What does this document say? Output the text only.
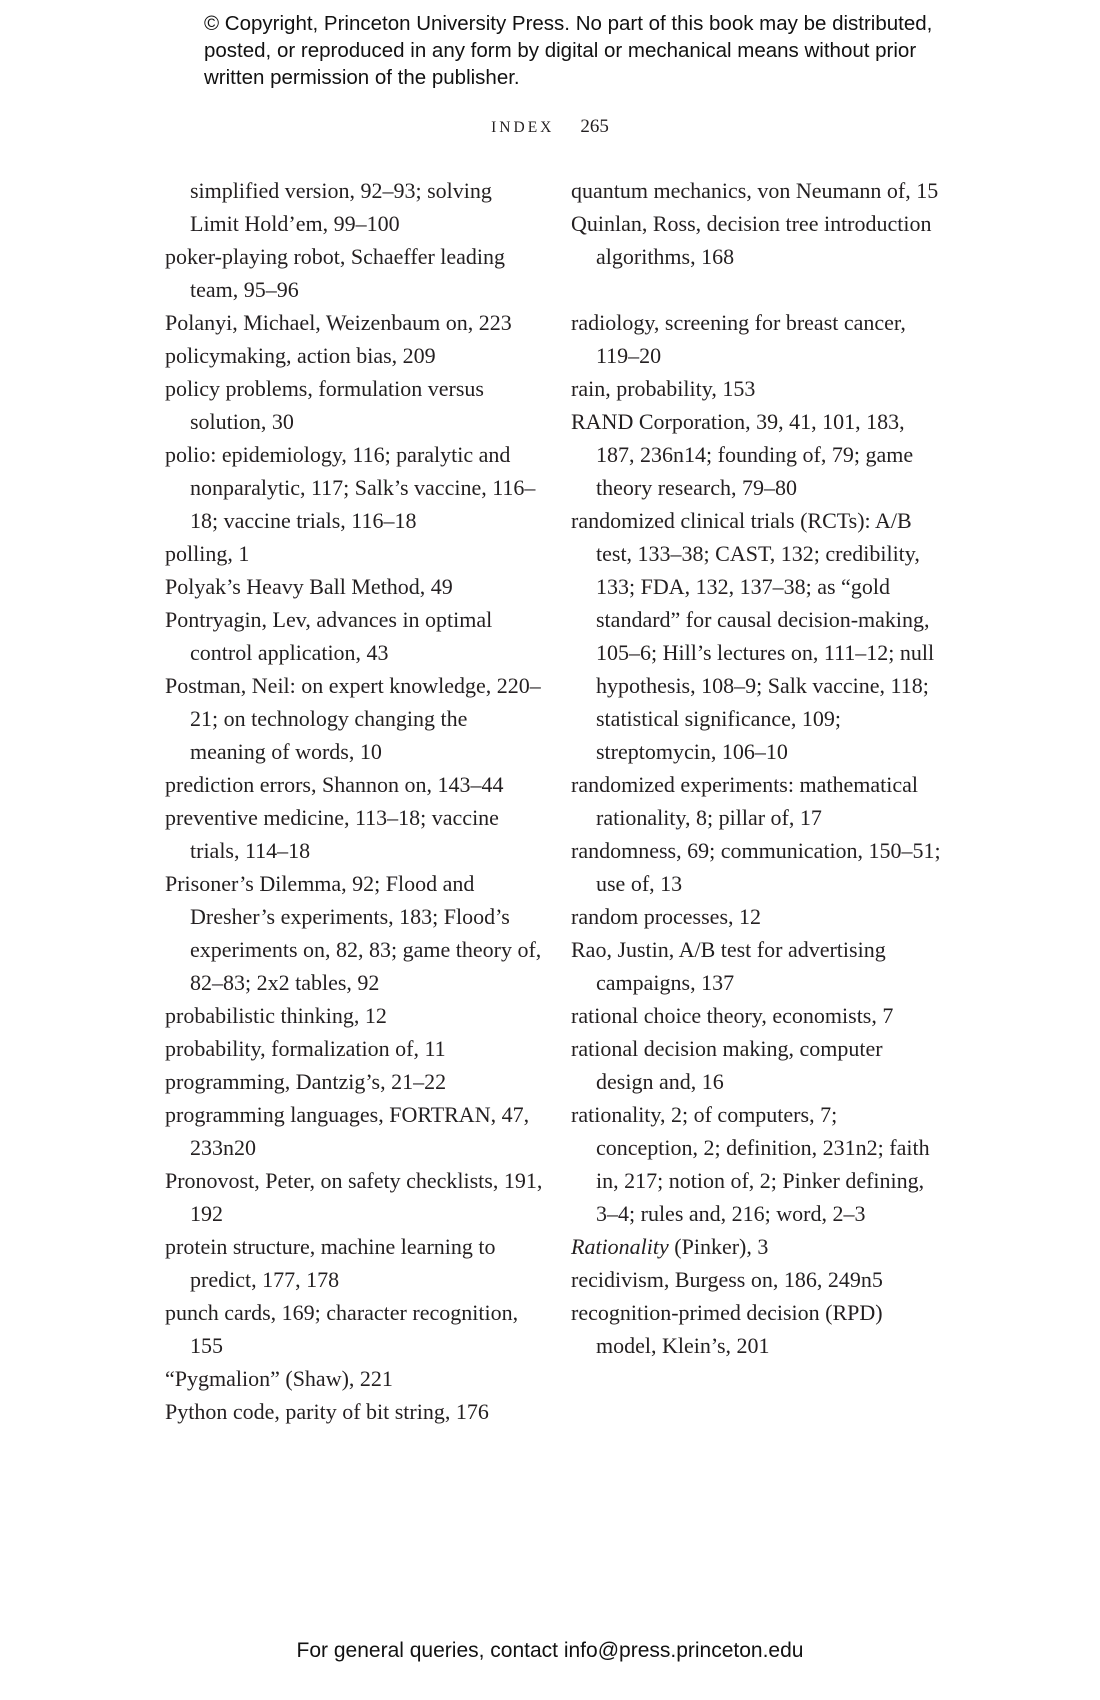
© Copyright, Princeton University Press. No part of this book may be distributed, posted, or reproduced in any form by digital or mechanical means without prior written permission of the publisher.
INDEX 265

simplified version, 92–93; solving Limit Hold’em, 99–100

poker-playing robot, Schaeffer leading team, 95–96

Polanyi, Michael, Weizenbaum on, 223

policymaking, action bias, 209

policy problems, formulation versus solution, 30

polio: epidemiology, 116; paralytic and nonparalytic, 117; Salk’s vaccine, 116–18; vaccine trials, 116–18

polling, 1

Polyak’s Heavy Ball Method, 49

Pontryagin, Lev, advances in optimal control application, 43

Postman, Neil: on expert knowledge, 220–21; on technology changing the meaning of words, 10

prediction errors, Shannon on, 143–44

preventive medicine, 113–18; vaccine trials, 114–18

Prisoner’s Dilemma, 92; Flood and Dresher’s experiments, 183; Flood’s experiments on, 82, 83; game theory of, 82–83; 2x2 tables, 92

probabilistic thinking, 12

probability, formalization of, 11

programming, Dantzig’s, 21–22

programming languages, FORTRAN, 47, 233n20

Pronovost, Peter, on safety checklists, 191, 192

protein structure, machine learning to predict, 177, 178

punch cards, 169; character recognition, 155

“Pygmalion” (Shaw), 221

Python code, parity of bit string, 176

quantum mechanics, von Neumann of, 15

Quinlan, Ross, decision tree introduction algorithms, 168

radiology, screening for breast cancer, 119–20

rain, probability, 153

RAND Corporation, 39, 41, 101, 183, 187, 236n14; founding of, 79; game theory research, 79–80

randomized clinical trials (RCTs): A/B test, 133–38; CAST, 132; credibility, 133; FDA, 132, 137–38; as “gold standard” for causal decision-making, 105–6; Hill’s lectures on, 111–12; null hypothesis, 108–9; Salk vaccine, 118; statistical significance, 109; streptomycin, 106–10

randomized experiments: mathematical rationality, 8; pillar of, 17

randomness, 69; communication, 150–51; use of, 13

random processes, 12

Rao, Justin, A/B test for advertising campaigns, 137

rational choice theory, economists, 7

rational decision making, computer design and, 16

rationality, 2; of computers, 7; conception, 2; definition, 231n2; faith in, 217; notion of, 2; Pinker defining, 3–4; rules and, 216; word, 2–3

Rationality (Pinker), 3

recidivism, Burgess on, 186, 249n5

recognition-primed decision (RPD) model, Klein’s, 201

For general queries, contact info@press.princeton.edu
